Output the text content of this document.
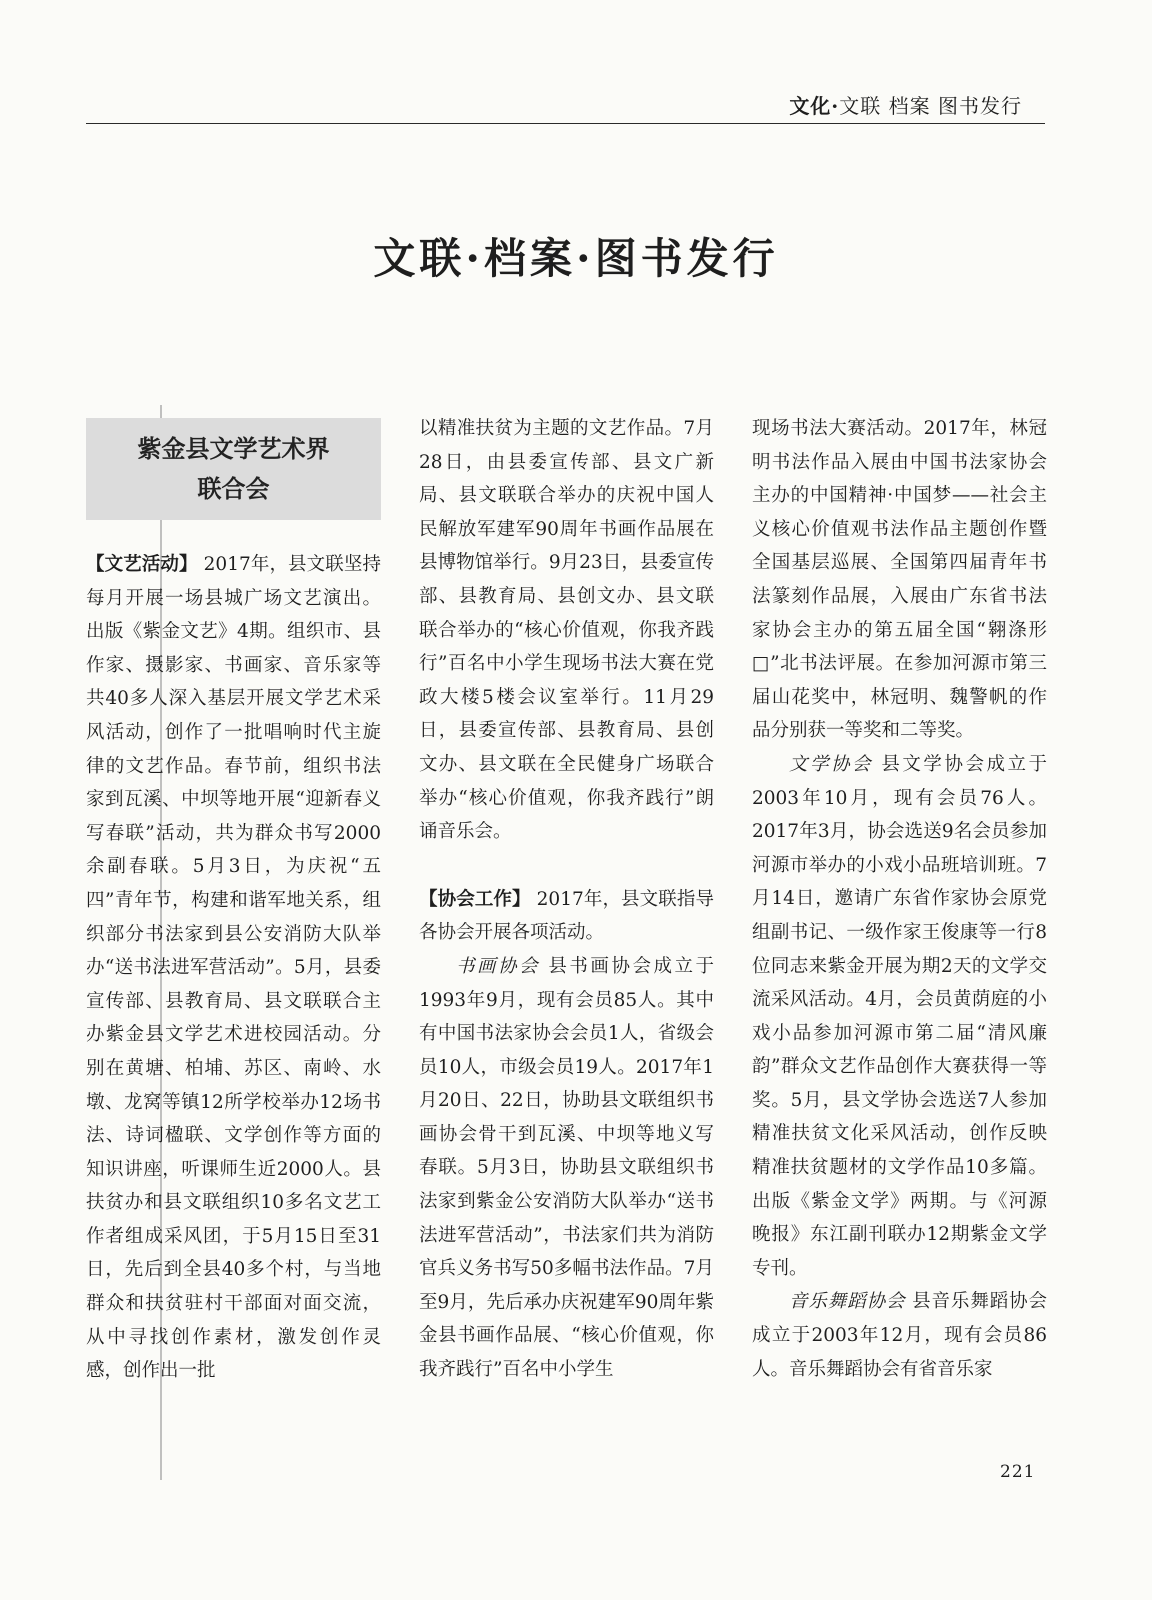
文化·文联 档案 图书发行
文联·档案·图书发行
紫金县文学艺术界
联合会

【文艺活动】 2017年，县文联坚持每月开展一场县城广场文艺演出。出版《紫金文艺》4期。组织市、县作家、摄影家、书画家、音乐家等共40多人深入基层开展文学艺术采风活动，创作了一批唱响时代主旋律的文艺作品。春节前，组织书法家到瓦溪、中坝等地开展“迎新春义写春联”活动，共为群众书写2000余副春联。5月3日，为庆祝“五四”青年节，构建和谐军地关系，组织部分书法家到县公安消防大队举办“送书法进军营活动”。5月，县委宣传部、县教育局、县文联联合主办紫金县文学艺术进校园活动。分别在黄塘、柏埔、苏区、南岭、水墩、龙窝等镇12所学校举办12场书法、诗词楹联、文学创作等方面的知识讲座，听课师生近2000人。县扶贫办和县文联组织10多名文艺工作者组成采风团，于5月15日至31日，先后到全县40多个村，与当地群众和扶贫驻村干部面对面交流，从中寻找创作素材，激发创作灵感，创作出一批

以精准扶贫为主题的文艺作品。7月28日，由县委宣传部、县文广新局、县文联联合举办的庆祝中国人民解放军建军90周年书画作品展在县博物馆举行。9月23日，县委宣传部、县教育局、县创文办、县文联联合举办的“核心价值观，你我齐践行”百名中小学生现场书法大赛在党政大楼5楼会议室举行。11月29日，县委宣传部、县教育局、县创文办、县文联在全民健身广场联合举办“核心价值观，你我齐践行”朗诵音乐会。

【协会工作】 2017年，县文联指导各协会开展各项活动。

书画协会 县书画协会成立于1993年9月，现有会员85人。其中有中国书法家协会会员1人，省级会员10人，市级会员19人。2017年1月20日、22日，协助县文联组织书画协会骨干到瓦溪、中坝等地义写春联。5月3日，协助县文联组织书法家到紫金公安消防大队举办“送书法进军营活动”，书法家们共为消防官兵义务书写50多幅书法作品。7月至9月，先后承办庆祝建军90周年紫金县书画作品展、“核心价值观，你我齐践行”百名中小学生

现场书法大赛活动。2017年，林冠明书法作品入展由中国书法家协会主办的中国精神·中国梦——社会主义核心价值观书法作品主题创作暨全国基层巡展、全国第四届青年书法篆刻作品展，入展由广东省书法家协会主办的第五届全国“翱涤形□”北书法评展。在参加河源市第三届山花奖中，林冠明、魏警帆的作品分别获一等奖和二等奖。

文学协会 县文学协会成立于2003年10月，现有会员76人。2017年3月，协会选送9名会员参加河源市举办的小戏小品班培训班。7月14日，邀请广东省作家协会原党组副书记、一级作家王俊康等一行8位同志来紫金开展为期2天的文学交流采风活动。4月，会员黄荫庭的小戏小品参加河源市第二届“清风廉韵”群众文艺作品创作大赛获得一等奖。5月，县文学协会选送7人参加精准扶贫文化采风活动，创作反映精准扶贫题材的文学作品10多篇。出版《紫金文学》两期。与《河源晚报》东江副刊联办12期紫金文学专刊。

音乐舞蹈协会 县音乐舞蹈协会成立于2003年12月，现有会员86人。音乐舞蹈协会有省音乐家

221
